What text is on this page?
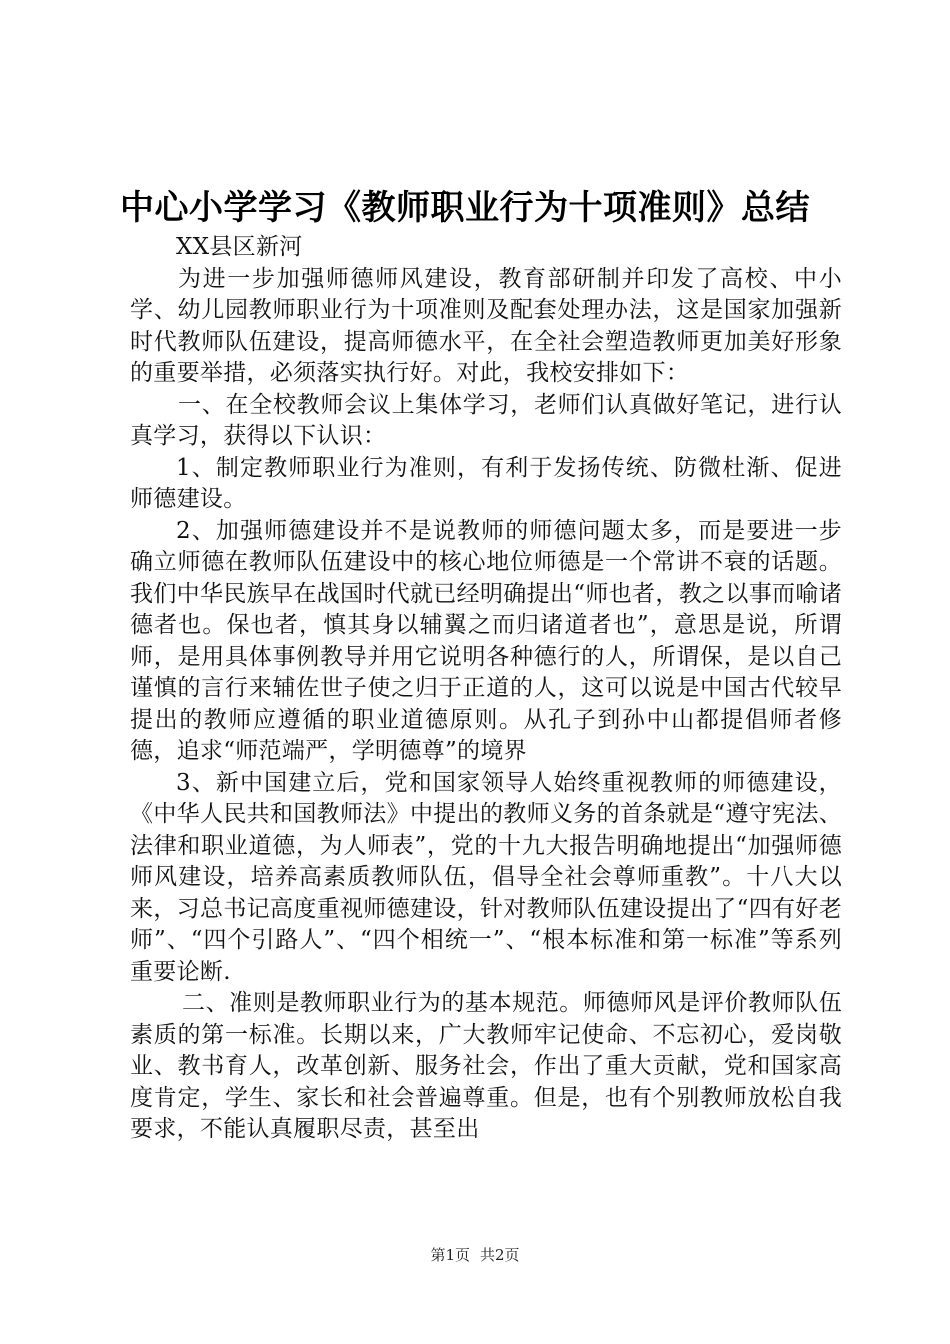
中心小学学习《教师职业行为十项准则》总结

XX县区新河

为进一步加强师德师风建设，教育部研制并印发了高校、中小学、幼儿园教师职业行为十项准则及配套处理办法，这是国家加强新时代教师队伍建设，提高师德水平，在全社会塑造教师更加美好形象的重要举措，必须落实执行好。对此，我校安排如下：

一、在全校教师会议上集体学习，老师们认真做好笔记，进行认真学习，获得以下认识：

1、制定教师职业行为准则，有利于发扬传统、防微杜渐、促进师德建设。

2、加强师德建设并不是说教师的师德问题太多，而是要进一步确立师德在教师队伍建设中的核心地位师德是一个常讲不衰的话题。我们中华民族早在战国时代就已经明确提出“师也者，教之以事而喻诸德者也。保也者，慎其身以辅翼之而归诸道者也”，意思是说，所谓师，是用具体事例教导并用它说明各种德行的人，所谓保，是以自己谨慎的言行来辅佐世子使之归于正道的人，这可以说是中国古代较早提出的教师应遵循的职业道德原则。从孔子到孙中山都提倡师者修德，追求“师范端严，学明德尊”的境界

3、新中国建立后，党和国家领导人始终重视教师的师德建设，《中华人民共和国教师法》中提出的教师义务的首条就是“遵守宪法、法律和职业道德，为人师表”，党的十九大报告明确地提出“加强师德师风建设，培养高素质教师队伍，倡导全社会尊师重教”。十八大以来，习总书记高度重视师德建设，针对教师队伍建设提出了“四有好老师”、“四个引路人”、“四个相统一”、“根本标准和第一标准”等系列重要论断.

二、准则是教师职业行为的基本规范。师德师风是评价教师队伍素质的第一标准。长期以来，广大教师牢记使命、不忘初心，爱岗敬业、教书育人，改革创新、服务社会，作出了重大贡献，党和国家高度肯定，学生、家长和社会普遍尊重。但是，也有个别教师放松自我要求，不能认真履职尽责，甚至出

第1页 共2页
